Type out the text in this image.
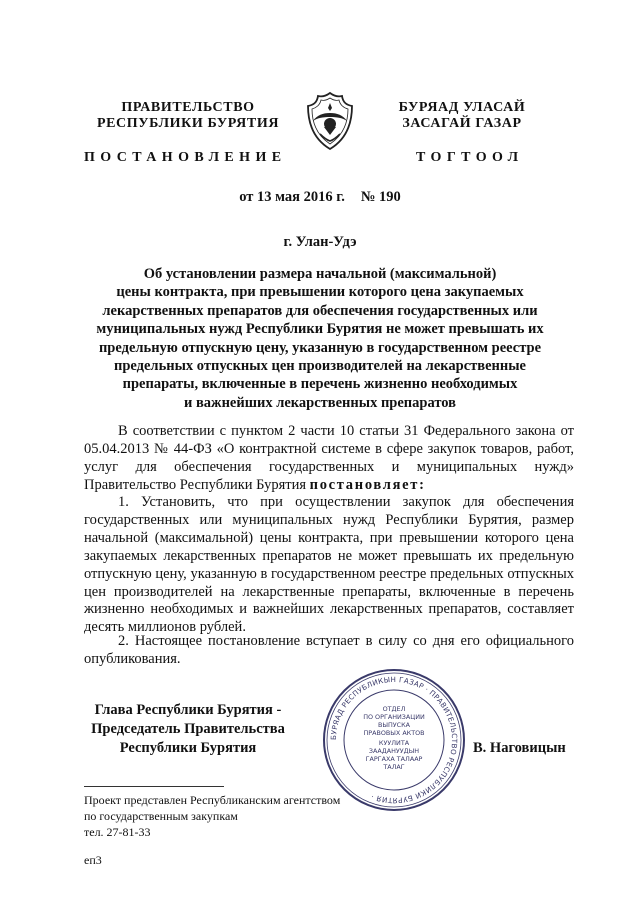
ПРАВИТЕЛЬСТВО
РЕСПУБЛИКИ БУРЯТИЯ
БУРЯАД УЛАСАЙ
ЗАСАГАЙ ГАЗАР
ПОСТАНОВЛЕНИЕ	ТОГТООЛ
от 13 мая 2016 г. № 190
г. Улан-Удэ
Об установлении размера начальной (максимальной)
цены контракта, при превышении которого цена закупаемых
лекарственных препаратов для обеспечения государственных или
муниципальных нужд Республики Бурятия не может превышать их
предельную отпускную цену, указанную в государственном реестре
предельных отпускных цен производителей на лекарственные
препараты, включенные в перечень жизненно необходимых
и важнейших лекарственных препаратов

В соответствии с пунктом 2 части 10 статьи 31 Федерального закона от 05.04.2013 № 44-ФЗ «О контрактной системе в сфере закупок товаров, работ, услуг для обеспечения государственных и муниципальных нужд» Правительство Республики Бурятия постановляет:

1. Установить, что при осуществлении закупок для обеспечения государственных или муниципальных нужд Республики Бурятия, размер начальной (максимальной) цены контракта, при превышении которого цена закупаемых лекарственных препаратов не может превышать их предельную отпускную цену, указанную в государственном реестре предельных отпускных цен производителей на лекарственные препараты, включенные в перечень жизненно необходимых и важнейших лекарственных препаратов, составляет десять миллионов рублей.

2. Настоящее постановление вступает в силу со дня его официального опубликования.

БУРЯАД РЕСПУБЛИКЫН ГАЗАР · ПРАВИТЕЛЬСТВО РЕСПУБЛИКИ БУРЯТИЯ ·
ОТДЕЛ
ПО ОРГАНИЗАЦИИ
ВЫПУСКА
ПРАВОВЫХ АКТОВ
КУУЛИТА
ЗААДАНУУДЫН
ГАРГАХА ТАЛААР
ТАЛАГ
Глава Республики Бурятия -
Председатель Правительства
Республики Бурятия	В. Наговицын
Проект представлен Республиканским агентством
по государственным закупкам
тел. 27-81-33
еп3
